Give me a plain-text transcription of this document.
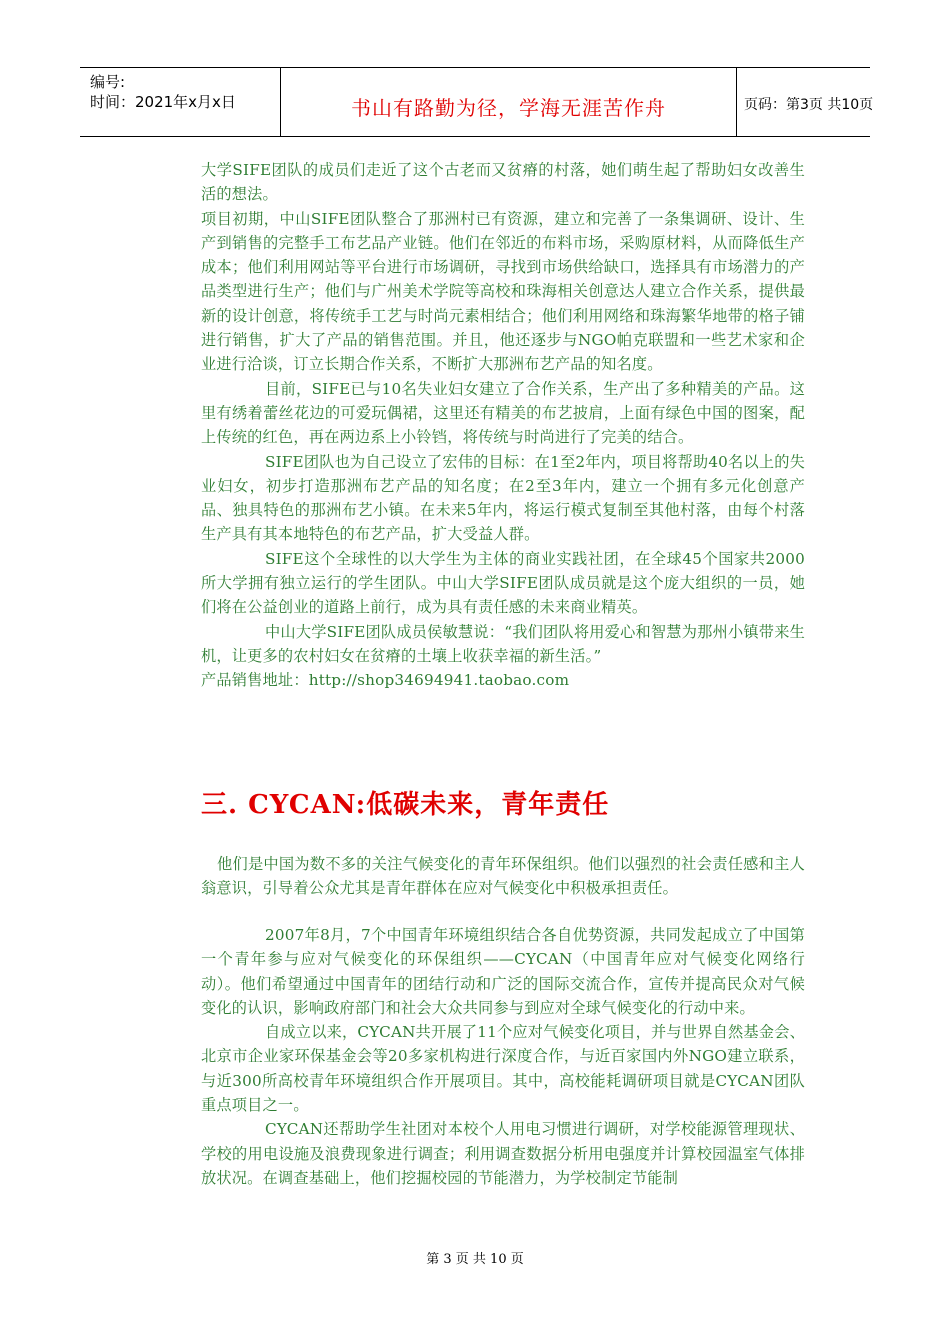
编号:
时间：2021年x月x日	书山有路勤为径，学海无涯苦作舟	页码：第3页 共10页

大学SIFE团队的成员们走近了这个古老而又贫瘠的村落，她们萌生起了帮助妇女改善生活的想法。

项目初期，中山SIFE团队整合了那洲村已有资源，建立和完善了一条集调研、设计、生产到销售的完整手工布艺品产业链。他们在邻近的布料市场，采购原材料，从而降低生产成本；他们利用网站等平台进行市场调研，寻找到市场供给缺口，选择具有市场潜力的产品类型进行生产；他们与广州美术学院等高校和珠海相关创意达人建立合作关系，提供最新的设计创意，将传统手工艺与时尚元素相结合；他们利用网络和珠海繁华地带的格子铺进行销售，扩大了产品的销售范围。并且，他还逐步与NGO帕克联盟和一些艺术家和企业进行洽谈，订立长期合作关系，不断扩大那洲布艺产品的知名度。

目前，SIFE已与10名失业妇女建立了合作关系，生产出了多种精美的产品。这里有绣着蕾丝花边的可爱玩偶裙，这里还有精美的布艺披肩，上面有绿色中国的图案，配上传统的红色，再在两边系上小铃铛，将传统与时尚进行了完美的结合。

SIFE团队也为自己设立了宏伟的目标：在1至2年内，项目将帮助40名以上的失业妇女，初步打造那洲布艺产品的知名度；在2至3年内，建立一个拥有多元化创意产品、独具特色的那洲布艺小镇。在未来5年内，将运行模式复制至其他村落，由每个村落生产具有其本地特色的布艺产品，扩大受益人群。

SIFE这个全球性的以大学生为主体的商业实践社团，在全球45个国家共2000所大学拥有独立运行的学生团队。中山大学SIFE团队成员就是这个庞大组织的一员，她们将在公益创业的道路上前行，成为具有责任感的未来商业精英。

中山大学SIFE团队成员侯敏慧说：“我们团队将用爱心和智慧为那州小镇带来生机，让更多的农村妇女在贫瘠的土壤上收获幸福的新生活。”

产品销售地址：http://shop34694941.taobao.com

三. CYCAN:低碳未来，青年责任

他们是中国为数不多的关注气候变化的青年环保组织。他们以强烈的社会责任感和主人翁意识，引导着公众尤其是青年群体在应对气候变化中积极承担责任。

2007年8月，7个中国青年环境组织结合各自优势资源，共同发起成立了中国第一个青年参与应对气候变化的环保组织——CYCAN（中国青年应对气候变化网络行动）。他们希望通过中国青年的团结行动和广泛的国际交流合作，宣传并提高民众对气候变化的认识，影响政府部门和社会大众共同参与到应对全球气候变化的行动中来。

自成立以来，CYCAN共开展了11个应对气候变化项目，并与世界自然基金会、北京市企业家环保基金会等20多家机构进行深度合作，与近百家国内外NGO建立联系，与近300所高校青年环境组织合作开展项目。其中，高校能耗调研项目就是CYCAN团队重点项目之一。

CYCAN还帮助学生社团对本校个人用电习惯进行调研，对学校能源管理现状、学校的用电设施及浪费现象进行调查；利用调查数据分析用电强度并计算校园温室气体排放状况。在调查基础上，他们挖掘校园的节能潜力，为学校制定节能制

第 3 页 共 10 页
